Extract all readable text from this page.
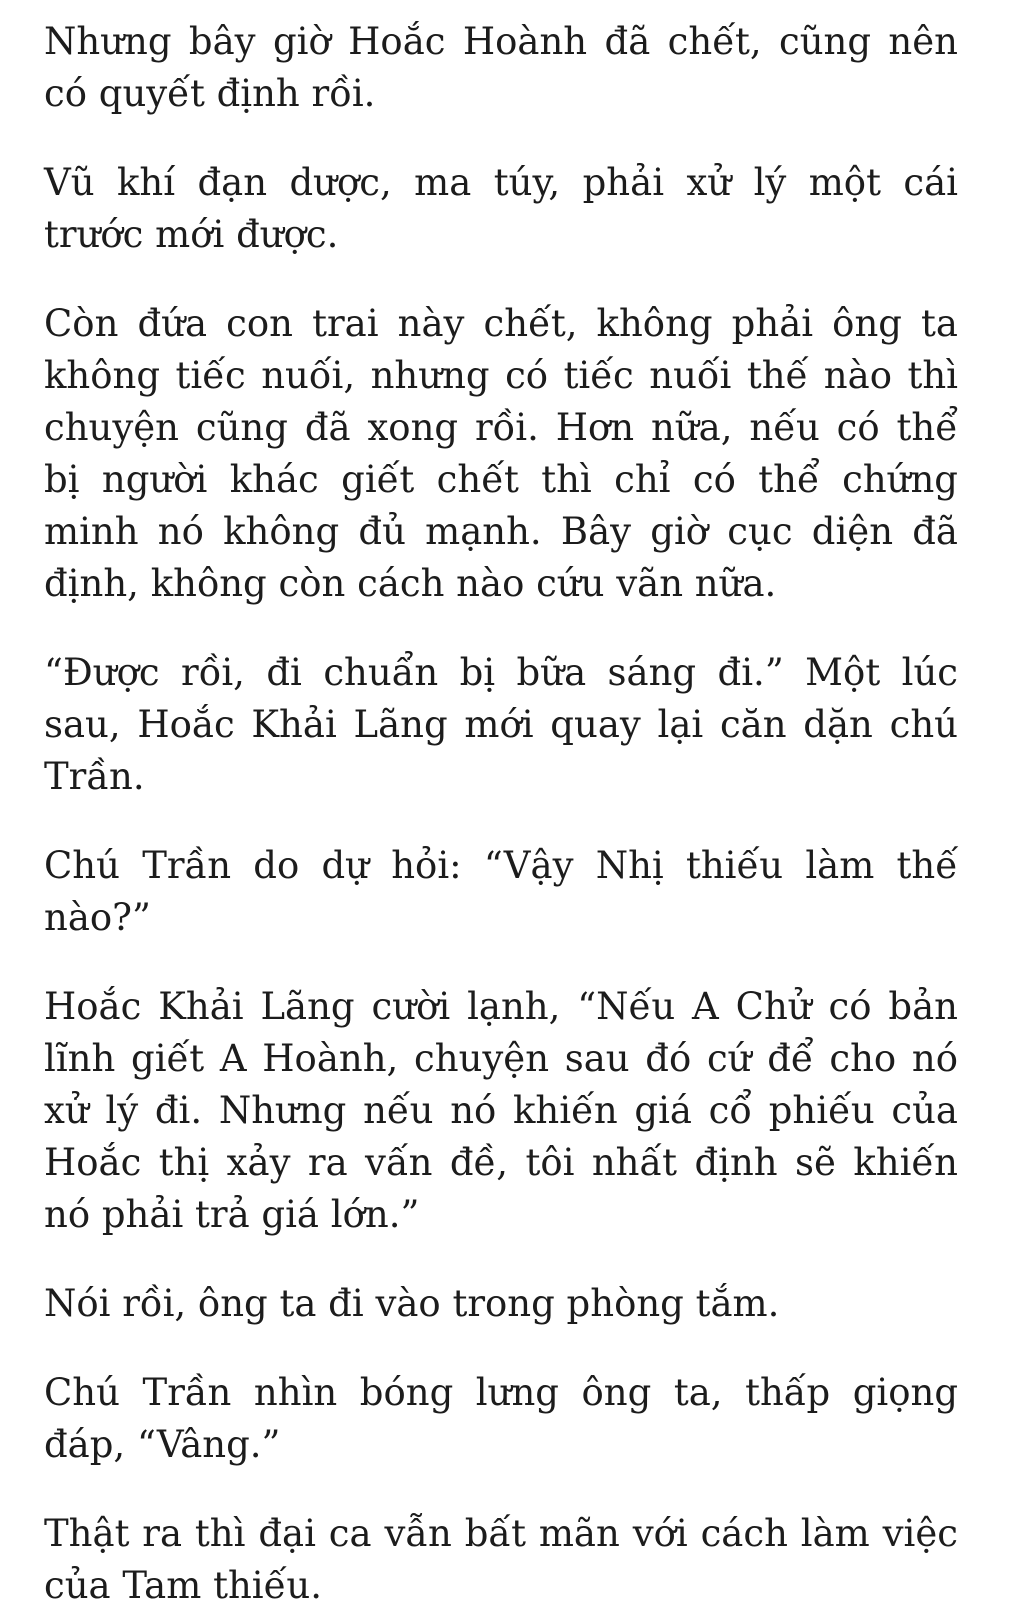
Nhưng bây giờ Hoắc Hoành đã chết, cũng nên có quyết định rồi.

Vũ khí đạn dược, ma túy, phải xử lý một cái trước mới được.

Còn đứa con trai này chết, không phải ông ta không tiếc nuối, nhưng có tiếc nuối thế nào thì chuyện cũng đã xong rồi. Hơn nữa, nếu có thể bị người khác giết chết thì chỉ có thể chứng minh nó không đủ mạnh. Bây giờ cục diện đã định, không còn cách nào cứu vãn nữa.

“Được rồi, đi chuẩn bị bữa sáng đi.” Một lúc sau, Hoắc Khải Lãng mới quay lại căn dặn chú Trần.

Chú Trần do dự hỏi: “Vậy Nhị thiếu làm thế nào?”

Hoắc Khải Lãng cười lạnh, “Nếu A Chử có bản lĩnh giết A Hoành, chuyện sau đó cứ để cho nó xử lý đi. Nhưng nếu nó khiến giá cổ phiếu của Hoắc thị xảy ra vấn đề, tôi nhất định sẽ khiến nó phải trả giá lớn.”

Nói rồi, ông ta đi vào trong phòng tắm.

Chú Trần nhìn bóng lưng ông ta, thấp giọng đáp, “Vâng.”

Thật ra thì đại ca vẫn bất mãn với cách làm việc của Tam thiếu.
